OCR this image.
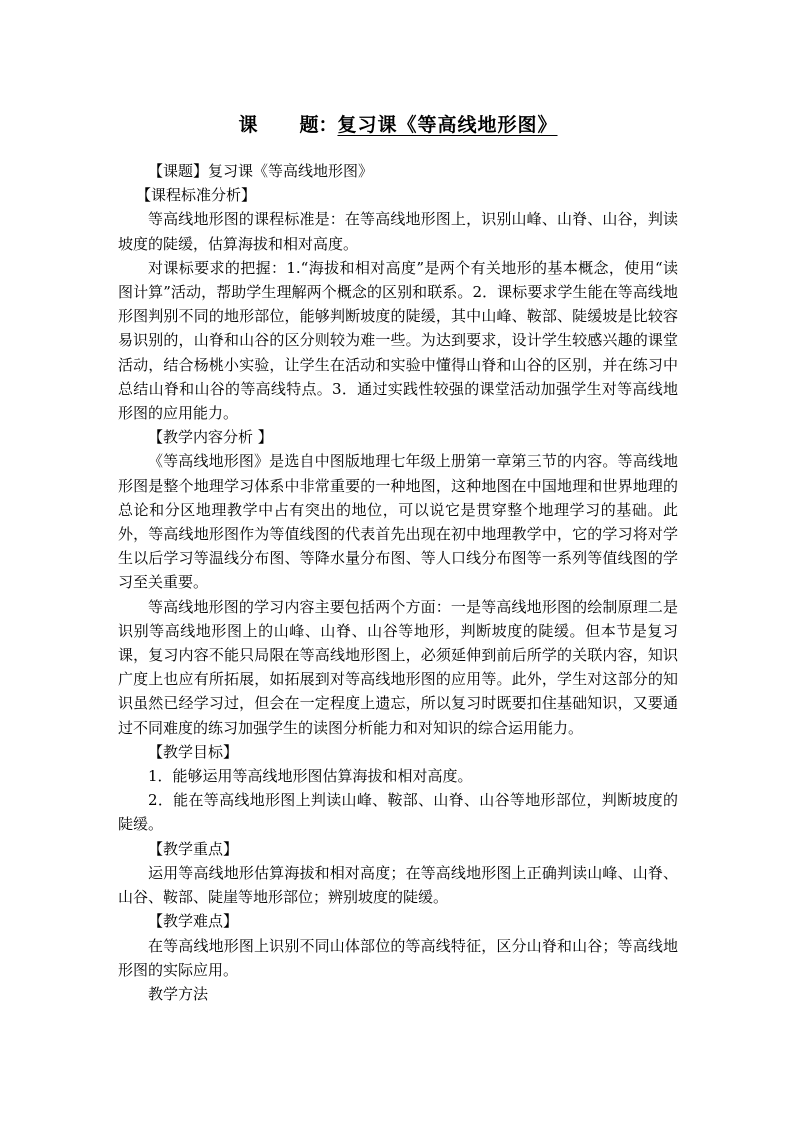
课 题：复习课《等高线地形图》

【课题】复习课《等高线地形图》

【课程标准分析】

等高线地形图的课程标准是：在等高线地形图上，识别山峰、山脊、山谷，判读坡度的陡缓，估算海拔和相对高度。

对课标要求的把握：1.“海拔和相对高度”是两个有关地形的基本概念，使用“读图计算”活动，帮助学生理解两个概念的区别和联系。2．课标要求学生能在等高线地形图判别不同的地形部位，能够判断坡度的陡缓，其中山峰、鞍部、陡缓坡是比较容易识别的，山脊和山谷的区分则较为难一些。为达到要求，设计学生较感兴趣的课堂活动，结合杨桃小实验，让学生在活动和实验中懂得山脊和山谷的区别，并在练习中总结山脊和山谷的等高线特点。3．通过实践性较强的课堂活动加强学生对等高线地形图的应用能力。

【教学内容分析 】

《等高线地形图》是选自中图版地理七年级上册第一章第三节的内容。等高线地形图是整个地理学习体系中非常重要的一种地图，这种地图在中国地理和世界地理的总论和分区地理教学中占有突出的地位，可以说它是贯穿整个地理学习的基础。此外，等高线地形图作为等值线图的代表首先出现在初中地理教学中，它的学习将对学生以后学习等温线分布图、等降水量分布图、等人口线分布图等一系列等值线图的学习至关重要。

等高线地形图的学习内容主要包括两个方面：一是等高线地形图的绘制原理二是识别等高线地形图上的山峰、山脊、山谷等地形，判断坡度的陡缓。但本节是复习课，复习内容不能只局限在等高线地形图上，必须延伸到前后所学的关联内容，知识广度上也应有所拓展，如拓展到对等高线地形图的应用等。此外，学生对这部分的知识虽然已经学习过，但会在一定程度上遗忘，所以复习时既要扣住基础知识，又要通过不同难度的练习加强学生的读图分析能力和对知识的综合运用能力。

【教学目标】

1．能够运用等高线地形图估算海拔和相对高度。

2．能在等高线地形图上判读山峰、鞍部、山脊、山谷等地形部位，判断坡度的陡缓。

【教学重点】

运用等高线地形估算海拔和相对高度；在等高线地形图上正确判读山峰、山脊、山谷、鞍部、陡崖等地形部位；辨别坡度的陡缓。

【教学难点】

在等高线地形图上识别不同山体部位的等高线特征，区分山脊和山谷；等高线地形图的实际应用。

教学方法
